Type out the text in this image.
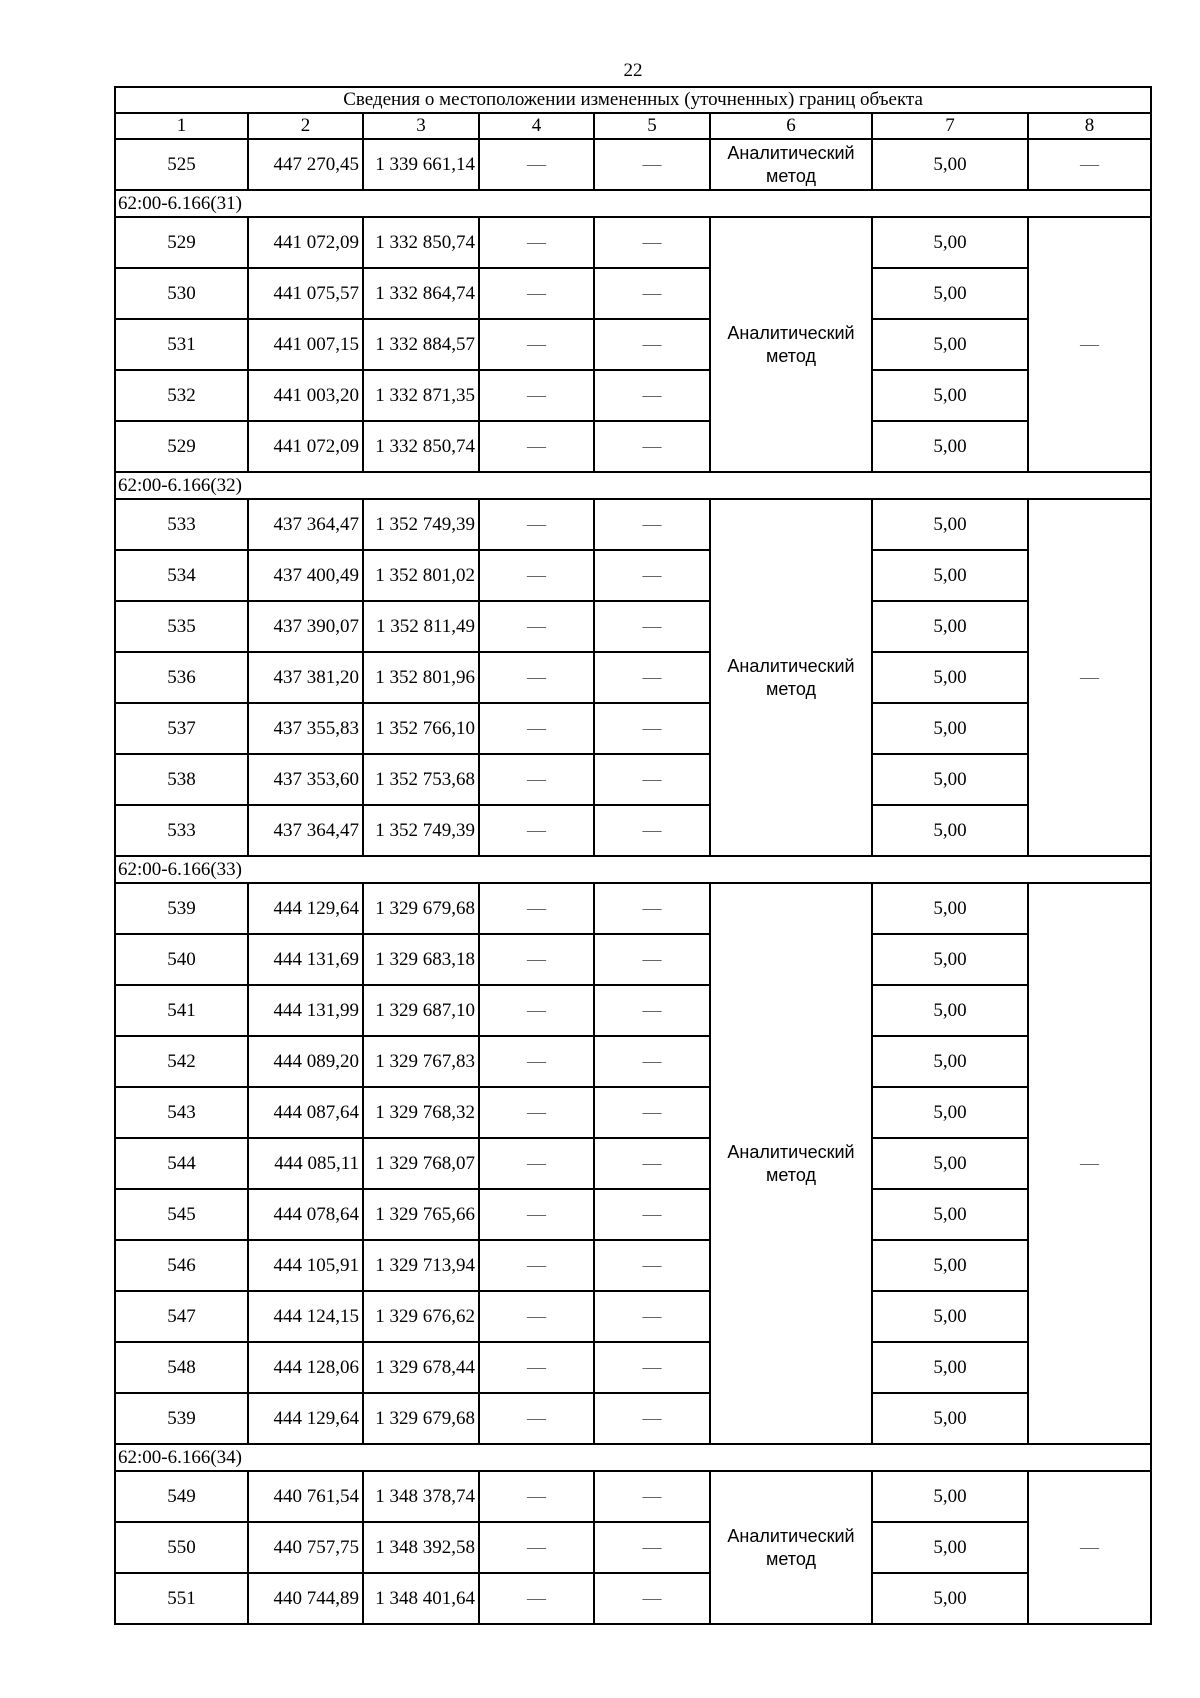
22
Сведения о местоположении измененных (уточненных) границ объекта							
1	2	3	4	5	6	7	8
525	447 270,45	1 339 661,14	—	—	Аналитический
метод	5,00	—
62:00-6.166(31)							
529	441 072,09	1 332 850,74	—	—	Аналитический
метод	5,00	—
530	441 075,57	1 332 864,74	—	—		5,00	
531	441 007,15	1 332 884,57	—	—		5,00	
532	441 003,20	1 332 871,35	—	—		5,00	
529	441 072,09	1 332 850,74	—	—		5,00	
62:00-6.166(32)							
533	437 364,47	1 352 749,39	—	—	Аналитический
метод	5,00	—
534	437 400,49	1 352 801,02	—	—		5,00	
535	437 390,07	1 352 811,49	—	—		5,00	
536	437 381,20	1 352 801,96	—	—		5,00	
537	437 355,83	1 352 766,10	—	—		5,00	
538	437 353,60	1 352 753,68	—	—		5,00	
533	437 364,47	1 352 749,39	—	—		5,00	
62:00-6.166(33)							
539	444 129,64	1 329 679,68	—	—	Аналитический
метод	5,00	—
540	444 131,69	1 329 683,18	—	—		5,00	
541	444 131,99	1 329 687,10	—	—		5,00	
542	444 089,20	1 329 767,83	—	—		5,00	
543	444 087,64	1 329 768,32	—	—		5,00	
544	444 085,11	1 329 768,07	—	—		5,00	
545	444 078,64	1 329 765,66	—	—		5,00	
546	444 105,91	1 329 713,94	—	—		5,00	
547	444 124,15	1 329 676,62	—	—		5,00	
548	444 128,06	1 329 678,44	—	—		5,00	
539	444 129,64	1 329 679,68	—	—		5,00	
62:00-6.166(34)							
549	440 761,54	1 348 378,74	—	—	Аналитический
метод	5,00	—
550	440 757,75	1 348 392,58	—	—		5,00	
551	440 744,89	1 348 401,64	—	—		5,00	
